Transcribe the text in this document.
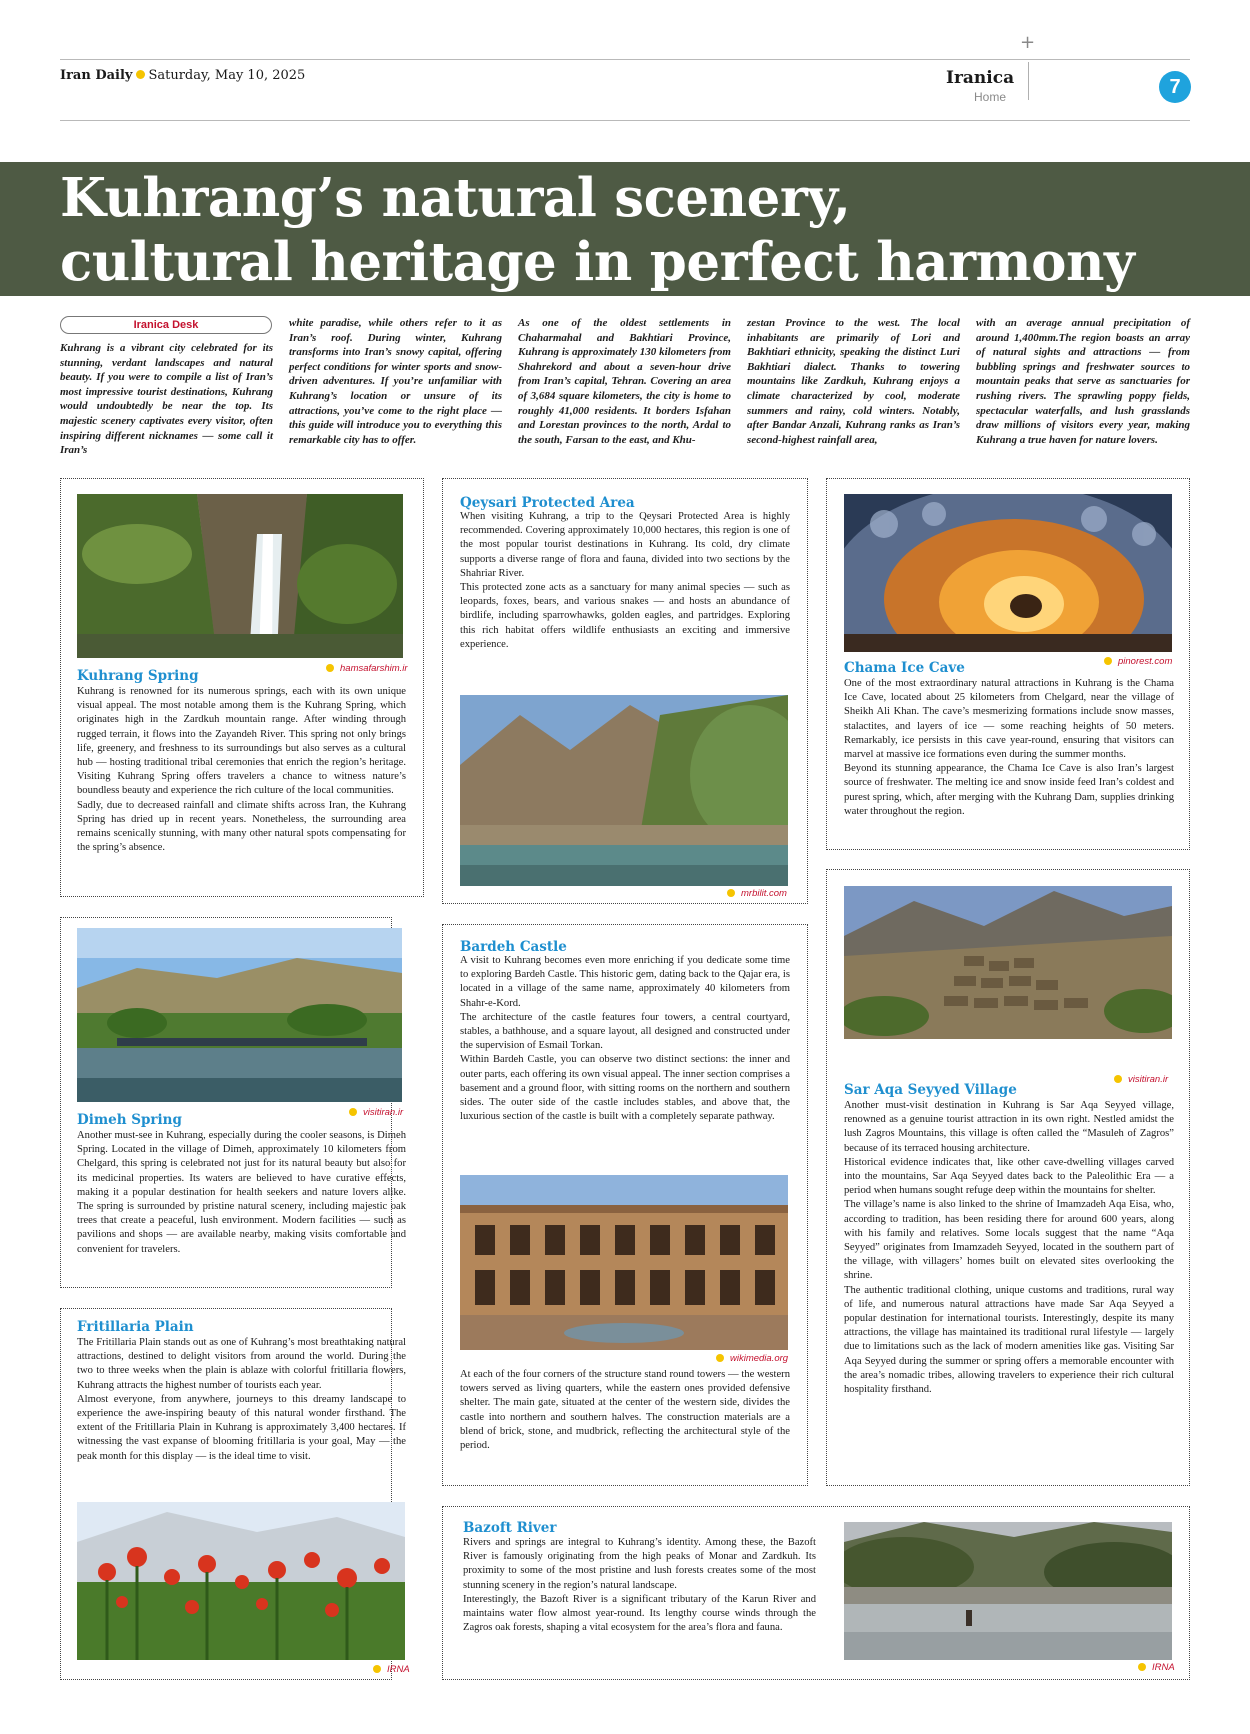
+
Iran Daily Saturday, May 10, 2025	Iranica
Home	7
Kuhrang’s natural scenery,
cultural heritage in perfect harmony
Iranica Desk
Kuhrang is a vibrant city celebrated for its stunning, verdant landscapes and natural beauty. If you were to compile a list of Iran’s most impressive tourist destinations, Kuhrang would undoubtedly be near the top. Its majestic scenery captivates every visitor, often inspiring different nicknames — some call it Iran’s
white paradise, while others refer to it as Iran’s roof. During winter, Kuhrang transforms into Iran’s snowy capital, offering perfect conditions for winter sports and snow-driven adventures. If you’re unfamiliar with Kuhrang’s location or unsure of its attractions, you’ve come to the right place — this guide will introduce you to everything this remarkable city has to offer.
As one of the oldest settlements in Chaharmahal and Bakhtiari Province, Kuhrang is approximately 130 kilometers from Shahrekord and about a seven-hour drive from Iran’s capital, Tehran. Covering an area of 3,684 square kilometers, the city is home to roughly 41,000 residents. It borders Isfahan and Lorestan provinces to the north, Ardal to the south, Farsan to the east, and Khu-
zestan Province to the west. The local inhabitants are primarily of Lori and Bakhtiari ethnicity, speaking the distinct Luri Bakhtiari dialect. Thanks to towering mountains like Zardkuh, Kuhrang enjoys a climate characterized by cool, moderate summers and rainy, cold winters. Notably, after Bandar Anzali, Kuhrang ranks as Iran’s second-highest rainfall area,
with an average annual precipitation of around 1,400mm.The region boasts an array of natural sights and attractions — from bubbling springs and freshwater sources to mountain peaks that serve as sanctuaries for rushing rivers. The sprawling poppy fields, spectacular waterfalls, and lush grasslands draw millions of visitors every year, making Kuhrang a true haven for nature lovers.
hamsafarshim.ir
Kuhrang Spring

Kuhrang is renowned for its numerous springs, each with its own unique visual appeal. The most notable among them is the Kuhrang Spring, which originates high in the Zardkuh mountain range. After winding through rugged terrain, it flows into the Zayandeh River. This spring not only brings life, greenery, and freshness to its surroundings but also serves as a cultural hub — hosting traditional tribal ceremonies that enrich the region’s heritage. Visiting Kuhrang Spring offers travelers a chance to witness nature’s boundless beauty and experience the rich culture of the local communities.

Sadly, due to decreased rainfall and climate shifts across Iran, the Kuhrang Spring has dried up in recent years. Nonetheless, the surrounding area remains scenically stunning, with many other natural spots compensating for the spring’s absence.

visitiran.ir
Dimeh Spring

Another must-see in Kuhrang, especially during the cooler seasons, is Dimeh Spring. Located in the village of Dimeh, approximately 10 kilometers from Chelgard, this spring is celebrated not just for its natural beauty but also for its medicinal properties. Its waters are believed to have curative effects, making it a popular destination for health seekers and nature lovers alike. The spring is surrounded by pristine natural scenery, including majestic oak trees that create a peaceful, lush environment. Modern facilities — such as pavilions and shops — are available nearby, making visits comfortable and convenient for travelers.

Fritillaria Plain

The Fritillaria Plain stands out as one of Kuhrang’s most breathtaking natural attractions, destined to delight visitors from around the world. During the two to three weeks when the plain is ablaze with colorful fritillaria flowers, Kuhrang attracts the highest number of tourists each year.

Almost everyone, from anywhere, journeys to this dreamy landscape to experience the awe-inspiring beauty of this natural wonder firsthand. The extent of the Fritillaria Plain in Kuhrang is approximately 3,400 hectares. If witnessing the vast expanse of blooming fritillaria is your goal, May — the peak month for this display — is the ideal time to visit.

IRNA
Qeysari Protected Area

When visiting Kuhrang, a trip to the Qeysari Protected Area is highly recommended. Covering approximately 10,000 hectares, this region is one of the most popular tourist destinations in Kuhrang. Its cold, dry climate supports a diverse range of flora and fauna, divided into two sections by the Shahriar River.

This protected zone acts as a sanctuary for many animal species — such as leopards, foxes, bears, and various snakes — and hosts an abundance of birdlife, including sparrowhawks, golden eagles, and partridges. Exploring this rich habitat offers wildlife enthusiasts an exciting and immersive experience.

mrbilit.com
Bardeh Castle

A visit to Kuhrang becomes even more enriching if you dedicate some time to exploring Bardeh Castle. This historic gem, dating back to the Qajar era, is located in a village of the same name, approximately 40 kilometers from Shahr-e-Kord.

The architecture of the castle features four towers, a central courtyard, stables, a bathhouse, and a square layout, all designed and constructed under the supervision of Esmail Torkan.

Within Bardeh Castle, you can observe two distinct sections: the inner and outer parts, each offering its own visual appeal. The inner section comprises a basement and a ground floor, with sitting rooms on the northern and southern sides. The outer side of the castle includes stables, and above that, the luxurious section of the castle is built with a completely separate pathway.

wikimedia.org

At each of the four corners of the structure stand round towers — the western towers served as living quarters, while the eastern ones provided defensive shelter. The main gate, situated at the center of the western side, divides the castle into northern and southern halves. The construction materials are a blend of brick, stone, and mudbrick, reflecting the architectural style of the period.

pinorest.com
Chama Ice Cave

One of the most extraordinary natural attractions in Kuhrang is the Chama Ice Cave, located about 25 kilometers from Chelgard, near the village of Sheikh Ali Khan. The cave’s mesmerizing formations include snow masses, stalactites, and layers of ice — some reaching heights of 50 meters. Remarkably, ice persists in this cave year-round, ensuring that visitors can marvel at massive ice formations even during the summer months.

Beyond its stunning appearance, the Chama Ice Cave is also Iran’s largest source of freshwater. The melting ice and snow inside feed Iran’s coldest and purest spring, which, after merging with the Kuhrang Dam, supplies drinking water throughout the region.

visitiran.ir
Sar Aqa Seyyed Village

Another must-visit destination in Kuhrang is Sar Aqa Seyyed village, renowned as a genuine tourist attraction in its own right. Nestled amidst the lush Zagros Mountains, this village is often called the “Masuleh of Zagros” because of its terraced housing architecture.

Historical evidence indicates that, like other cave-dwelling villages carved into the mountains, Sar Aqa Seyyed dates back to the Paleolithic Era — a period when humans sought refuge deep within the mountains for shelter.

The village’s name is also linked to the shrine of Imamzadeh Aqa Eisa, who, according to tradition, has been residing there for around 600 years, along with his family and relatives. Some locals suggest that the name “Aqa Seyyed” originates from Imamzadeh Seyyed, located in the southern part of the village, with villagers’ homes built on elevated sites overlooking the shrine.

The authentic traditional clothing, unique customs and traditions, rural way of life, and numerous natural attractions have made Sar Aqa Seyyed a popular destination for international tourists. Interestingly, despite its many attractions, the village has maintained its traditional rural lifestyle — largely due to limitations such as the lack of modern amenities like gas. Visiting Sar Aqa Seyyed during the summer or spring offers a memorable encounter with the area’s nomadic tribes, allowing travelers to experience their rich cultural hospitality firsthand.

Bazoft River

Rivers and springs are integral to Kuhrang’s identity. Among these, the Bazoft River is famously originating from the high peaks of Monar and Zardkuh. Its proximity to some of the most pristine and lush forests creates some of the most stunning scenery in the region’s natural landscape.

Interestingly, the Bazoft River is a significant tributary of the Karun River and maintains water flow almost year-round. Its lengthy course winds through the Zagros oak forests, shaping a vital ecosystem for the area’s flora and fauna.

IRNA
